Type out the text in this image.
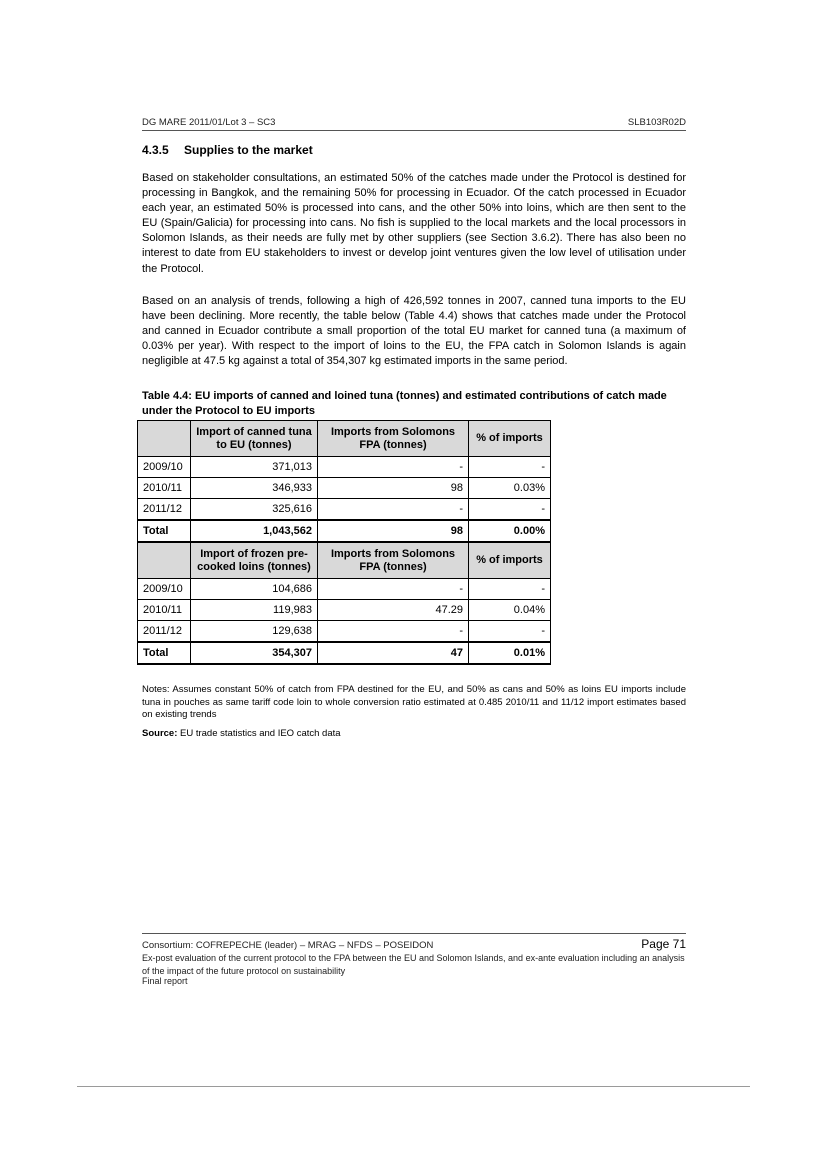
DG MARE 2011/01/Lot 3 – SC3	SLB103R02D
4.3.5 Supplies to the market

Based on stakeholder consultations, an estimated 50% of the catches made under the Protocol is destined for processing in Bangkok, and the remaining 50% for processing in Ecuador. Of the catch processed in Ecuador each year, an estimated 50% is processed into cans, and the other 50% into loins, which are then sent to the EU (Spain/Galicia) for processing into cans. No fish is supplied to the local markets and the local processors in Solomon Islands, as their needs are fully met by other suppliers (see Section 3.6.2). There has also been no interest to date from EU stakeholders to invest or develop joint ventures given the low level of utilisation under the Protocol.

Based on an analysis of trends, following a high of 426,592 tonnes in 2007, canned tuna imports to the EU have been declining. More recently, the table below (Table 4.4) shows that catches made under the Protocol and canned in Ecuador contribute a small proportion of the total EU market for canned tuna (a maximum of 0.03% per year). With respect to the import of loins to the EU, the FPA catch in Solomon Islands is again negligible at 47.5 kg against a total of 354,307 kg estimated imports in the same period.

Table 4.4: EU imports of canned and loined tuna (tonnes) and estimated contributions of catch made under the Protocol to EU imports
	Import of canned tuna to EU (tonnes)	Imports from Solomons FPA (tonnes)	% of imports
2009/10	371,013	-	-
2010/11	346,933	98	0.03%
2011/12	325,616	-	-
Total	1,043,562	98	0.00%
	Import of frozen pre-cooked loins (tonnes)	Imports from Solomons FPA (tonnes)	% of imports
2009/10	104,686	-	-
2010/11	119,983	47.29	0.04%
2011/12	129,638	-	-
Total	354,307	47	0.01%
Notes: Assumes constant 50% of catch from FPA destined for the EU, and 50% as cans and 50% as loins EU imports include tuna in pouches as same tariff code loin to whole conversion ratio estimated at 0.485 2010/11 and 11/12 import estimates based on existing trends
Source: EU trade statistics and IEO catch data
Consortium: COFREPECHE (leader) – MRAG – NFDS – POSEIDON	Page 71
Ex-post evaluation of the current protocol to the FPA between the EU and Solomon Islands, and ex-ante evaluation including an analysis of the impact of the future protocol on sustainability
Final report
